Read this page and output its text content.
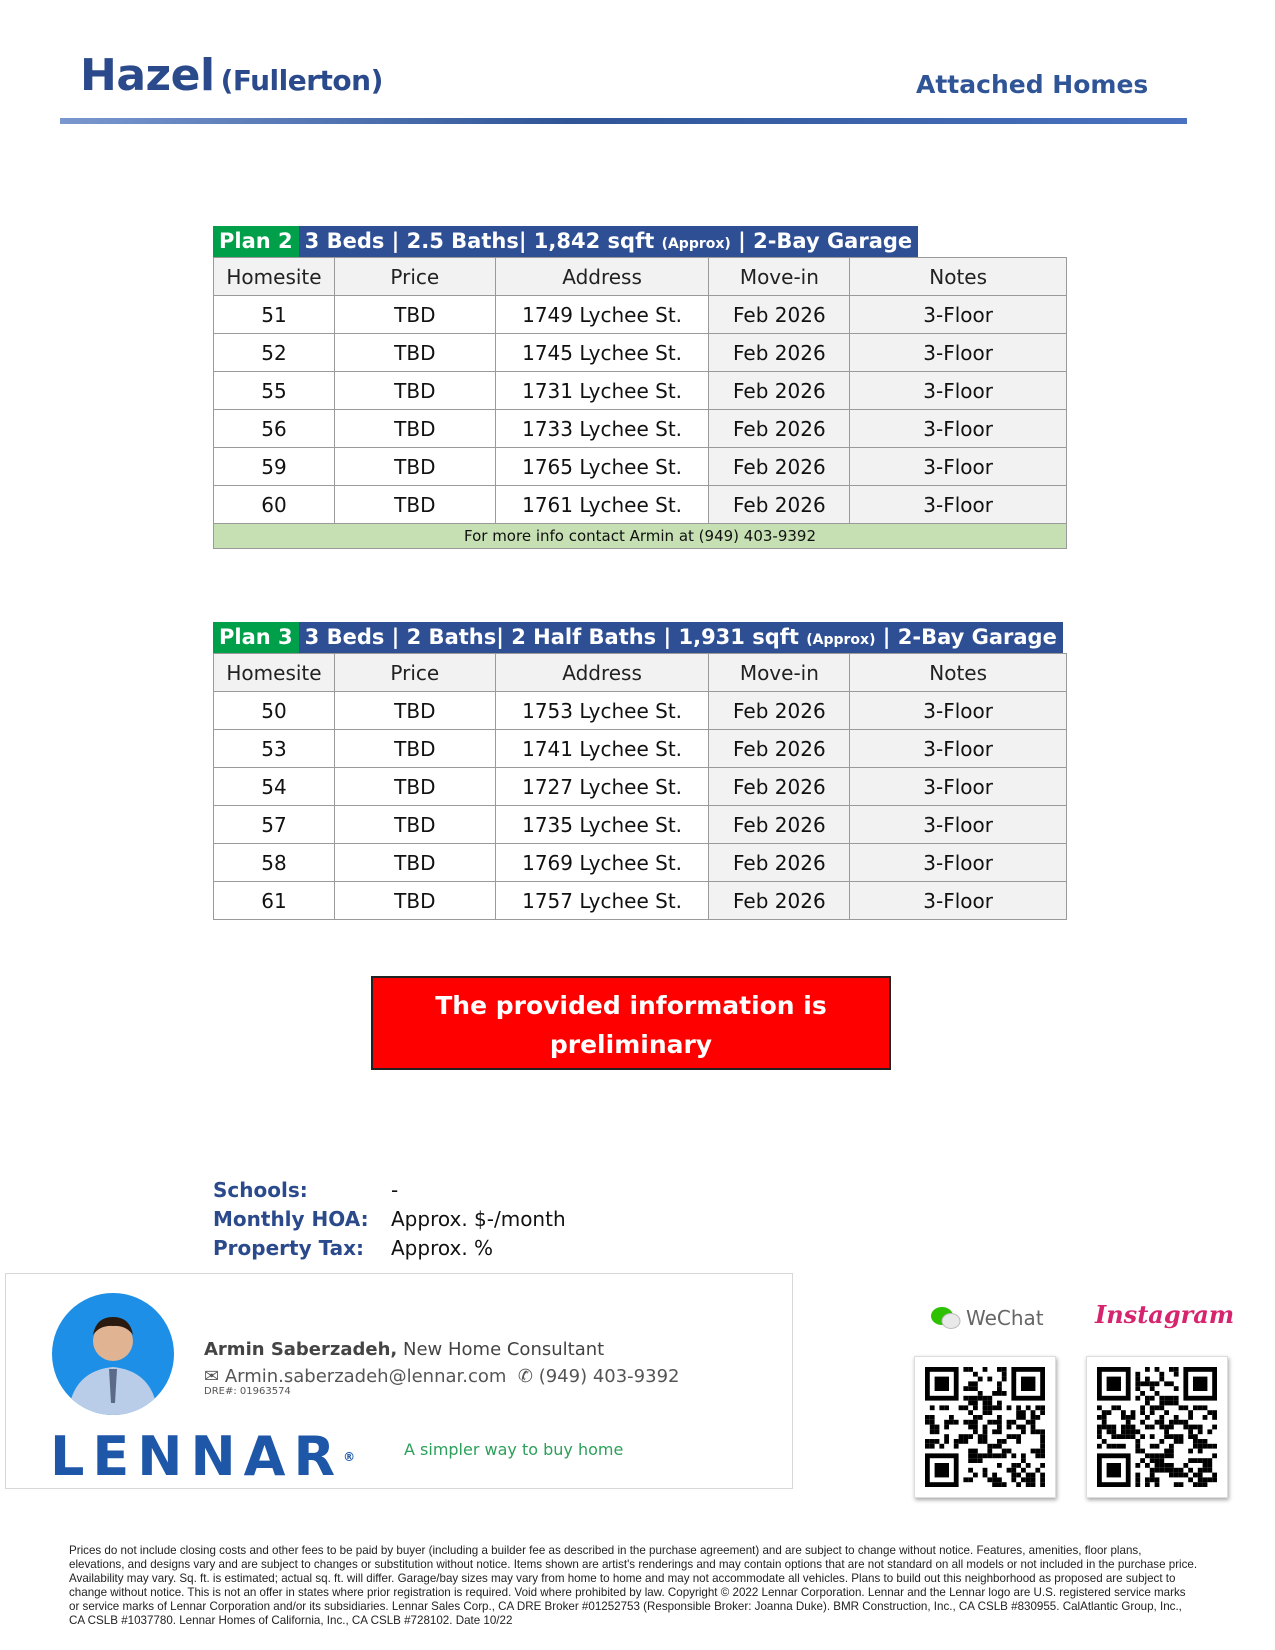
Hazel (Fullerton)	Attached Homes
Plan 2 3 Beds | 2.5 Baths| 1,842 sqft (Approx) | 2-Bay Garage
Homesite	Price	Address	Move-in	Notes
51	TBD	1749 Lychee St.	Feb 2026	3-Floor
52	TBD	1745 Lychee St.	Feb 2026	3-Floor
55	TBD	1731 Lychee St.	Feb 2026	3-Floor
56	TBD	1733 Lychee St.	Feb 2026	3-Floor
59	TBD	1765 Lychee St.	Feb 2026	3-Floor
60	TBD	1761 Lychee St.	Feb 2026	3-Floor
For more info contact Armin at (949) 403-9392
Plan 3 3 Beds | 2 Baths| 2 Half Baths | 1,931 sqft (Approx) | 2-Bay Garage
Homesite	Price	Address	Move-in	Notes
50	TBD	1753 Lychee St.	Feb 2026	3-Floor
53	TBD	1741 Lychee St.	Feb 2026	3-Floor
54	TBD	1727 Lychee St.	Feb 2026	3-Floor
57	TBD	1735 Lychee St.	Feb 2026	3-Floor
58	TBD	1769 Lychee St.	Feb 2026	3-Floor
61	TBD	1757 Lychee St.	Feb 2026	3-Floor
The provided information is preliminary
and subject to change!
Schools:	-
Monthly HOA: Approx. $-/month
Property Tax: Approx. %
Armin Saberzadeh, New Home Consultant
✉ Armin.saberzadeh@lennar.com ✆ (949) 403-9392
DRE#: 01963574
LENNAR®	A simpler way to buy home
WeChat Instagram
Prices do not include closing costs and other fees to be paid by buyer (including a builder fee as described in the purchase agreement) and are subject to change without notice. Features, amenities, floor plans, elevations, and designs vary and are subject to changes or substitution without notice. Items shown are artist's renderings and may contain options that are not standard on all models or not included in the purchase price. Availability may vary. Sq. ft. is estimated; actual sq. ft. will differ. Garage/bay sizes may vary from home to home and may not accommodate all vehicles. Plans to build out this neighborhood as proposed are subject to change without notice. This is not an offer in states where prior registration is required. Void where prohibited by law. Copyright © 2022 Lennar Corporation. Lennar and the Lennar logo are U.S. registered service marks or service marks of Lennar Corporation and/or its subsidiaries. Lennar Sales Corp., CA DRE Broker #01252753 (Responsible Broker: Joanna Duke). BMR Construction, Inc., CA CSLB #830955. CalAtlantic Group, Inc., CA CSLB #1037780. Lennar Homes of California, Inc., CA CSLB #728102. Date 10/22
